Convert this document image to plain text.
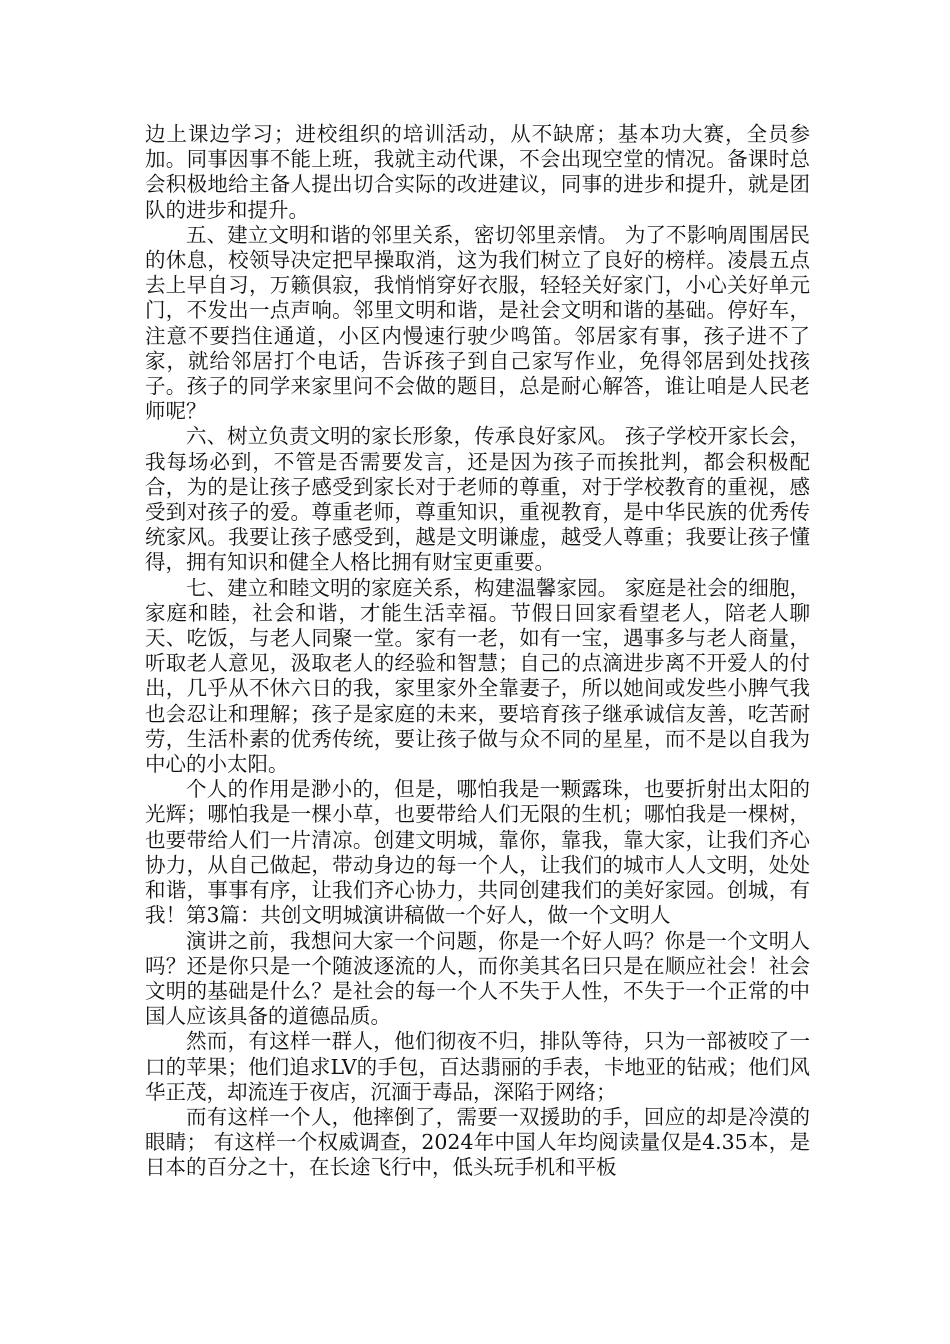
边上课边学习；进校组织的培训活动，从不缺席；基本功大赛，全员参加。同事因事不能上班，我就主动代课，不会出现空堂的情况。备课时总会积极地给主备人提出切合实际的改进建议，同事的进步和提升，就是团队的进步和提升。

五、建立文明和谐的邻里关系，密切邻里亲情。 为了不影响周围居民的休息，校领导决定把早操取消，这为我们树立了良好的榜样。凌晨五点去上早自习，万籁俱寂，我悄悄穿好衣服，轻轻关好家门，小心关好单元门，不发出一点声响。邻里文明和谐，是社会文明和谐的基础。停好车，注意不要挡住通道，小区内慢速行驶少鸣笛。邻居家有事，孩子进不了家，就给邻居打个电话，告诉孩子到自己家写作业，免得邻居到处找孩子。孩子的同学来家里问不会做的题目，总是耐心解答，谁让咱是人民老师呢？

六、树立负责文明的家长形象，传承良好家风。 孩子学校开家长会，我每场必到，不管是否需要发言，还是因为孩子而挨批判，都会积极配合，为的是让孩子感受到家长对于老师的尊重，对于学校教育的重视，感受到对孩子的爱。尊重老师，尊重知识，重视教育，是中华民族的优秀传统家风。我要让孩子感受到，越是文明谦虚，越受人尊重；我要让孩子懂得，拥有知识和健全人格比拥有财宝更重要。

七、建立和睦文明的家庭关系，构建温馨家园。 家庭是社会的细胞，家庭和睦，社会和谐，才能生活幸福。节假日回家看望老人，陪老人聊天、吃饭，与老人同聚一堂。家有一老，如有一宝，遇事多与老人商量，听取老人意见，汲取老人的经验和智慧；自己的点滴进步离不开爱人的付出，几乎从不休六日的我，家里家外全靠妻子，所以她间或发些小脾气我也会忍让和理解；孩子是家庭的未来，要培育孩子继承诚信友善，吃苦耐劳，生活朴素的优秀传统，要让孩子做与众不同的星星，而不是以自我为中心的小太阳。

个人的作用是渺小的，但是，哪怕我是一颗露珠，也要折射出太阳的光辉；哪怕我是一棵小草，也要带给人们无限的生机；哪怕我是一棵树，也要带给人们一片清凉。创建文明城，靠你，靠我，靠大家，让我们齐心协力，从自己做起，带动身边的每一个人，让我们的城市人人文明，处处和谐，事事有序，让我们齐心协力，共同创建我们的美好家园。创城，有我！第3篇：共创文明城演讲稿做一个好人，做一个文明人

演讲之前，我想问大家一个问题，你是一个好人吗？你是一个文明人吗？还是你只是一个随波逐流的人，而你美其名曰只是在顺应社会！社会文明的基础是什么？是社会的每一个人不失于人性，不失于一个正常的中国人应该具备的道德品质。

然而，有这样一群人，他们彻夜不归，排队等待，只为一部被咬了一口的苹果；他们追求LV的手包，百达翡丽的手表，卡地亚的钻戒；他们风华正茂，却流连于夜店，沉湎于毒品，深陷于网络；

而有这样一个人，他摔倒了，需要一双援助的手，回应的却是冷漠的眼睛； 有这样一个权威调查，2024年中国人年均阅读量仅是4.35本，是日本的百分之十，在长途飞行中，低头玩手机和平板
